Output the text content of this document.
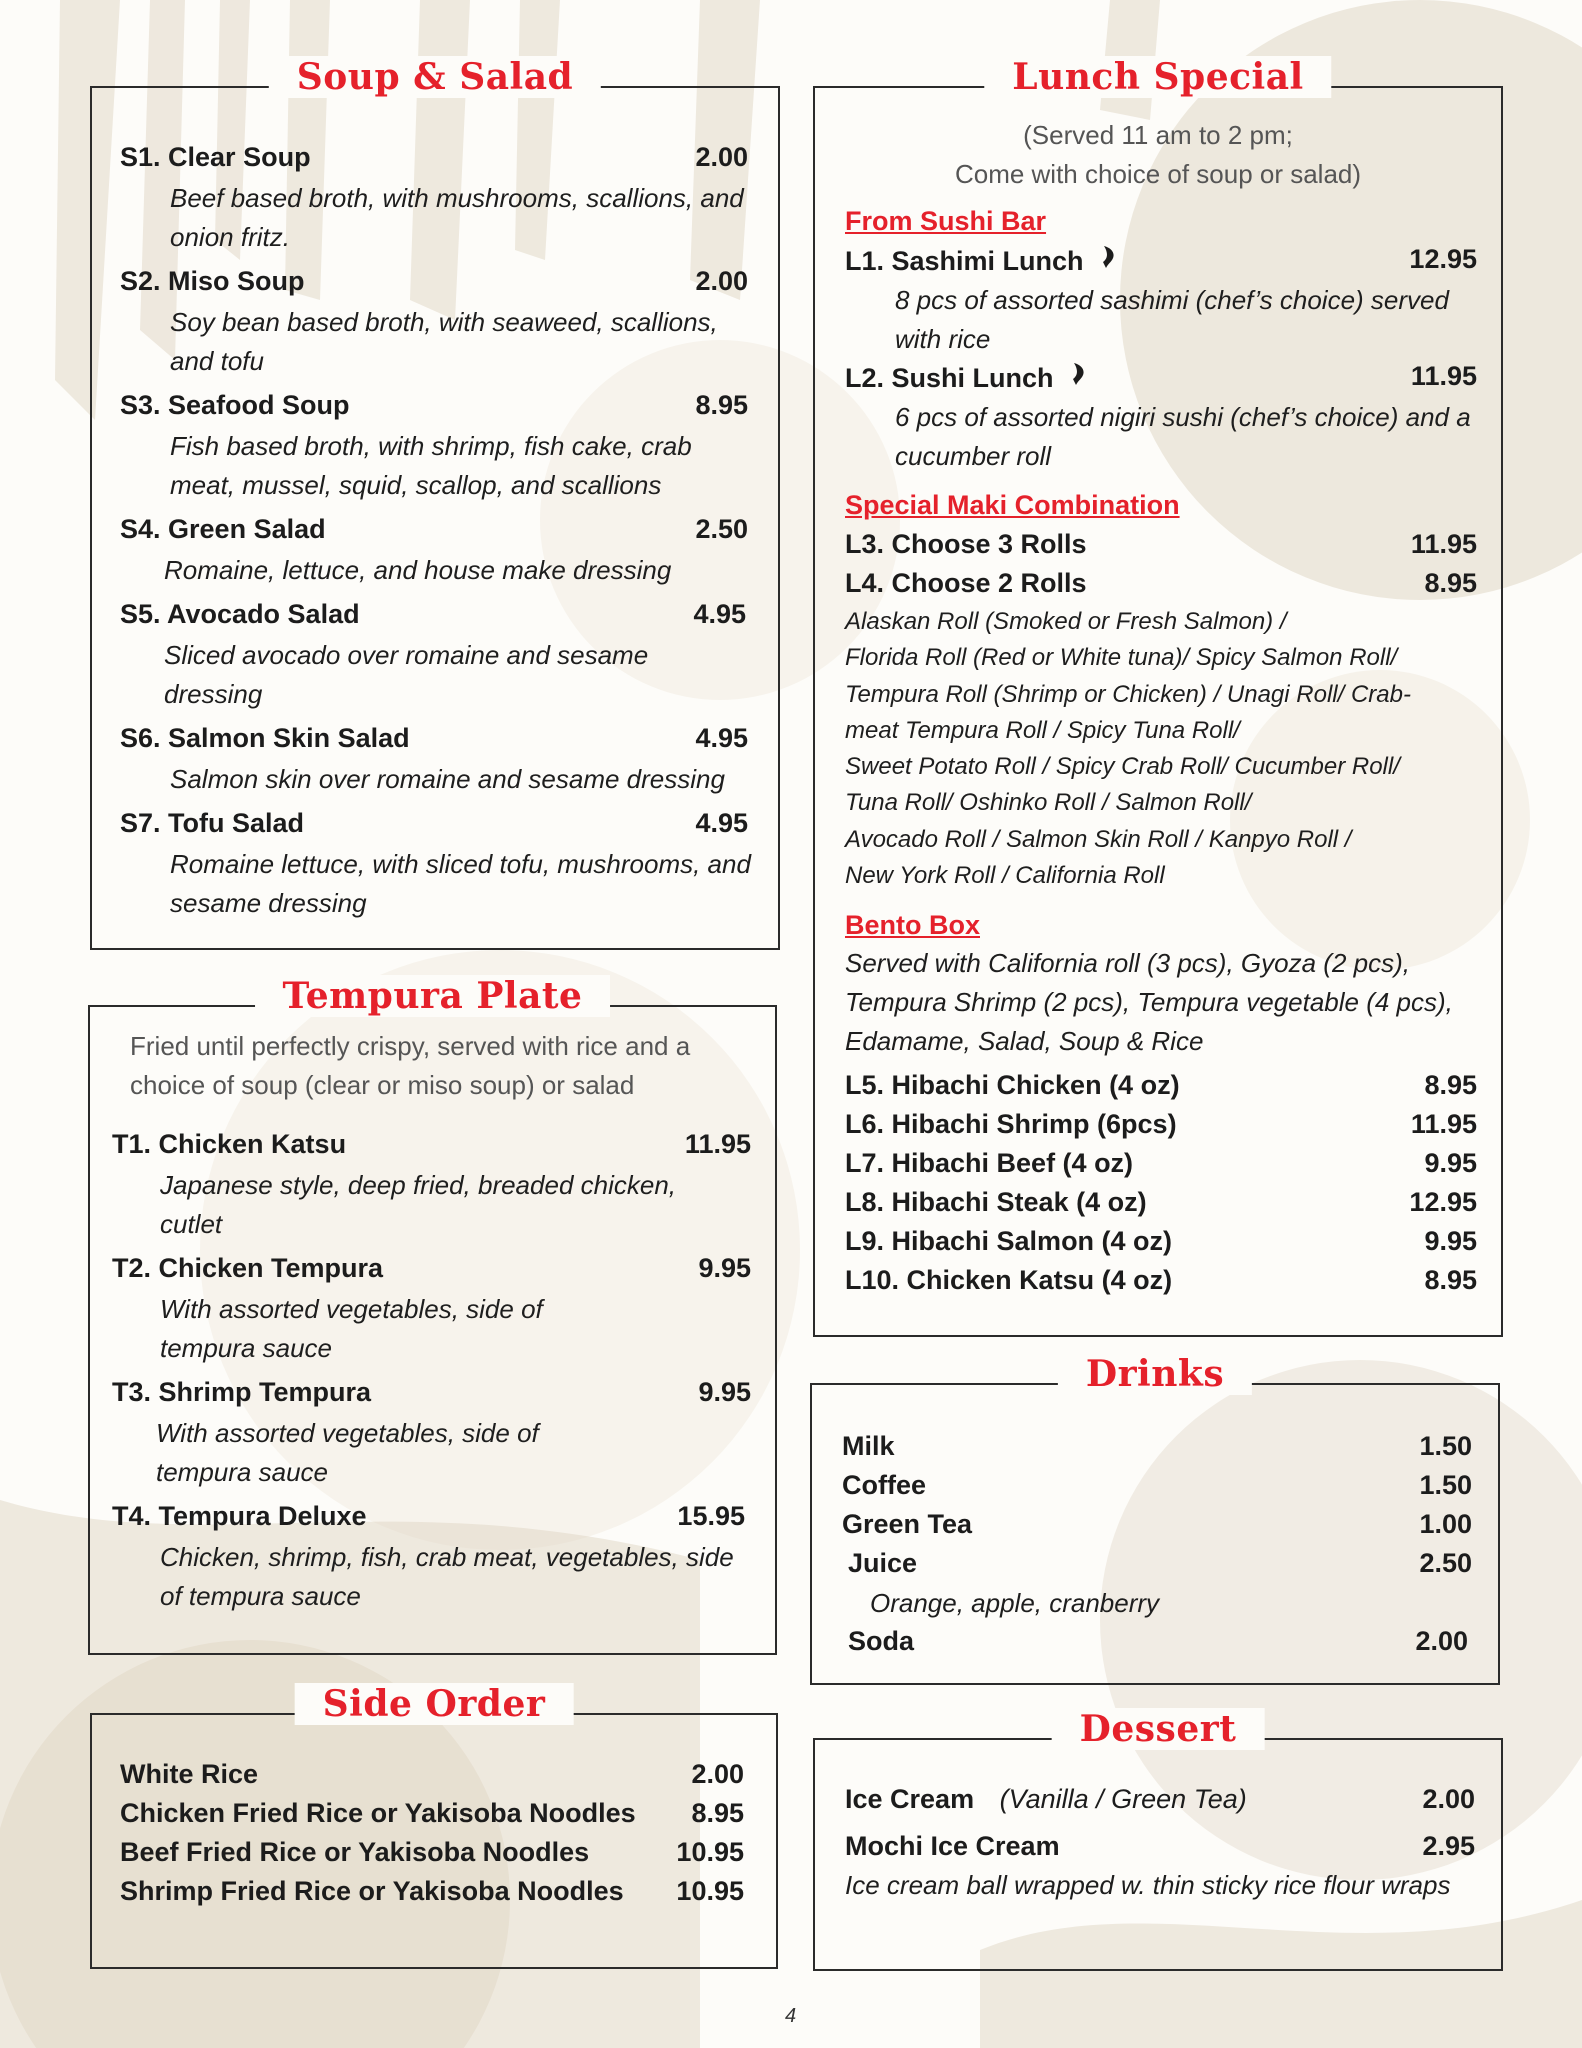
Soup & Salad
S1. Clear Soup	2.00
Beef based broth, with mushrooms, scallions, and onion fritz.
S2. Miso Soup	2.00
Soy bean based broth, with seaweed, scallions, and tofu
S3. Seafood Soup	8.95
Fish based broth, with shrimp, fish cake, crab meat, mussel, squid, scallop, and scallions
S4. Green Salad	2.50
Romaine, lettuce, and house make dressing
S5. Avocado Salad	4.95
Sliced avocado over romaine and sesame dressing
S6. Salmon Skin Salad	4.95
Salmon skin over romaine and sesame dressing
S7. Tofu Salad	4.95
Romaine lettuce, with sliced tofu, mushrooms, and sesame dressing
Tempura Plate
Fried until perfectly crispy, served with rice and a choice of soup (clear or miso soup) or salad
T1. Chicken Katsu	11.95
Japanese style, deep fried, breaded chicken, cutlet
T2. Chicken Tempura	9.95
With assorted vegetables, side of tempura sauce
T3. Shrimp Tempura	9.95
With assorted vegetables, side of tempura sauce
T4. Tempura Deluxe	15.95
Chicken, shrimp, fish, crab meat, vegetables, side of tempura sauce
Side Order
White Rice	2.00
Chicken Fried Rice or Yakisoba Noodles 8.95
Beef Fried Rice or Yakisoba Noodles	10.95
Shrimp Fried Rice or Yakisoba Noodles 10.95
Lunch Special
(Served 11 am to 2 pm;
Come with choice of soup or salad)
From Sushi Bar
L1. Sashimi Lunch	12.95
8 pcs of assorted sashimi (chef’s choice) served with rice
L2. Sushi Lunch	11.95
6 pcs of assorted nigiri sushi (chef’s choice) and a cucumber roll
Special Maki Combination
L3. Choose 3 Rolls	11.95
L4. Choose 2 Rolls	8.95
Alaskan Roll (Smoked or Fresh Salmon) /
Florida Roll (Red or White tuna)/ Spicy Salmon Roll/
Tempura Roll (Shrimp or Chicken) / Unagi Roll/ Crab-
meat Tempura Roll / Spicy Tuna Roll/
Sweet Potato Roll / Spicy Crab Roll/ Cucumber Roll/
Tuna Roll/ Oshinko Roll / Salmon Roll/
Avocado Roll / Salmon Skin Roll / Kanpyo Roll /
New York Roll / California Roll
Bento Box
Served with California roll (3 pcs), Gyoza (2 pcs), Tempura Shrimp (2 pcs), Tempura vegetable (4 pcs), Edamame, Salad, Soup & Rice
L5. Hibachi Chicken (4 oz)	8.95
L6. Hibachi Shrimp (6pcs)	11.95
L7. Hibachi Beef (4 oz)	9.95
L8. Hibachi Steak (4 oz)	12.95
L9. Hibachi Salmon (4 oz)	9.95
L10. Chicken Katsu (4 oz)	8.95
Drinks
Milk	1.50
Coffee	1.50
Green Tea	1.00
Juice	2.50
Orange, apple, cranberry
Soda	2.00
Dessert
Ice Cream (Vanilla / Green Tea)	2.00
Mochi Ice Cream	2.95
Ice cream ball wrapped w. thin sticky rice flour wraps
4
